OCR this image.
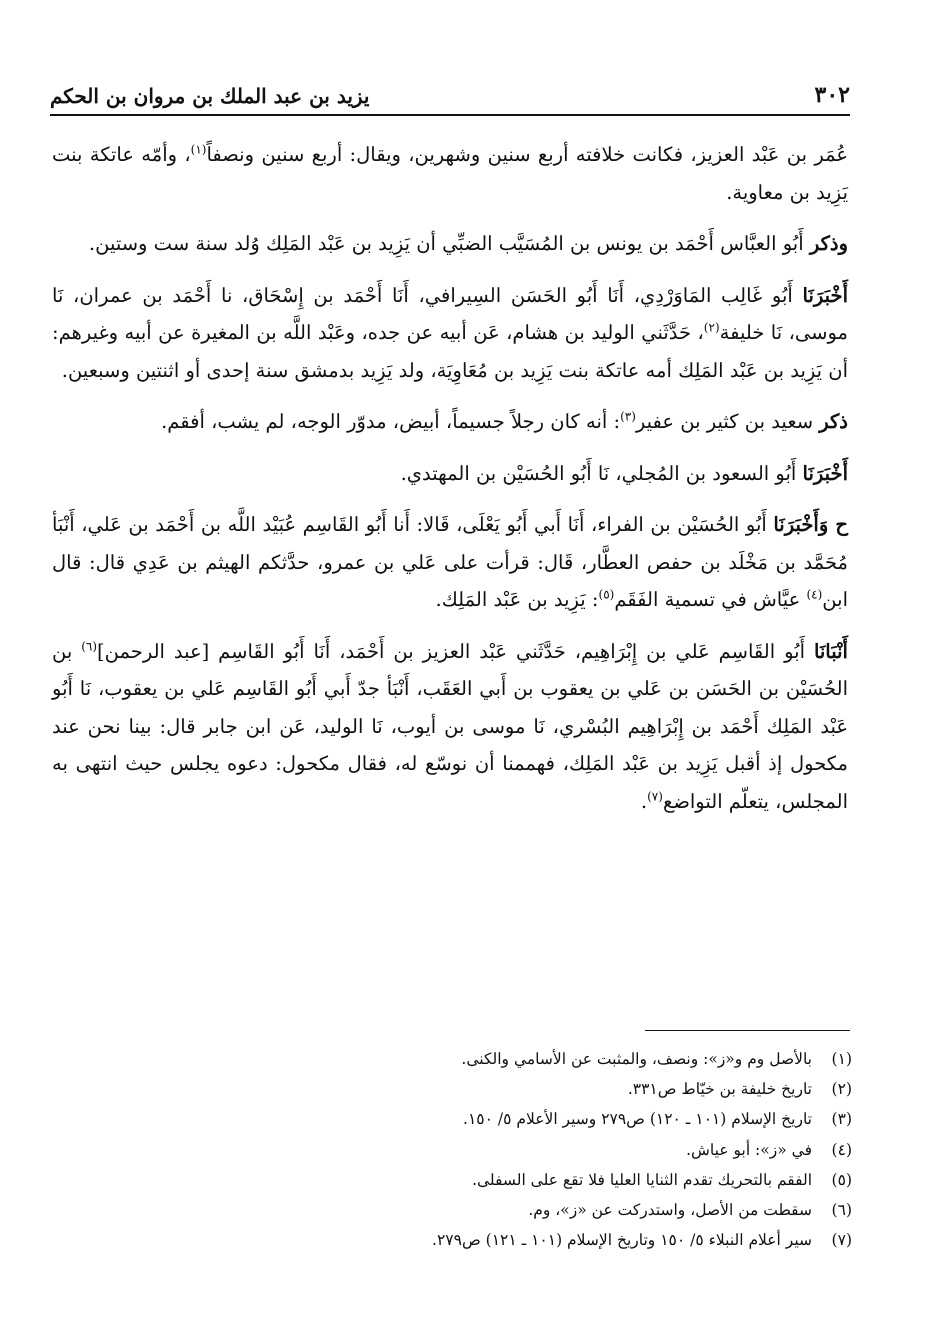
٣٠٢
يزيد بن عبد الملك بن مروان بن الحكم

عُمَر بن عَبْد العزيز، فكانت خلافته أربع سنين وشهرين، ويقال: أربع سنين ونصفاً$^{(١)}$، وأمّه عاتكة بنت يَزِيد بن معاوية.

وذكر أَبُو العبَّاس أَحْمَد بن يونس بن المُسَيَّب الضبِّي أن يَزِيد بن عَبْد المَلِك وُلد سنة ست وستين.

أَخْبَرَنَا أَبُو غَالِب المَاوَرْدِي، أَنَا أَبُو الحَسَن السِيرافي، أَنَا أَحْمَد بن إِسْحَاق، نا أَحْمَد بن عمران، نَا موسى، نَا خليفة$^{(٢)}$، حَدَّثَني الوليد بن هشام، عَن أبيه عن جده، وعَبْد اللَّه بن المغيرة عن أبيه وغيرهم: أن يَزِيد بن عَبْد المَلِك أمه عاتكة بنت يَزِيد بن مُعَاوِيَة، ولد يَزِيد بدمشق سنة إحدى أو اثنتين وسبعين.

ذكر سعيد بن كثير بن عفير$^{(٣)}$: أنه كان رجلاً جسيماً، أبيض، مدوّر الوجه، لم يشب، أفقم.

أَخْبَرَنَا أَبُو السعود بن المُجلي، نَا أَبُو الحُسَيْن بن المهتدي.

ح وَأَخْبَرَنَا أَبُو الحُسَيْن بن الفراء، أَنَا أَبي أَبُو يَعْلَى، قَالا: أَنا أَبُو القَاسِم عُبَيْد اللَّه بن أَحْمَد بن عَلي، أَنْبَأ مُحَمَّد بن مَخْلَد بن حفص العطَّار، قَال: قرأت على عَلي بن عمرو، حدَّثكم الهيثم بن عَدِي قال: قال ابن$^{(٤)}$ عيَّاش في تسمية الفَقَم$^{(٥)}$: يَزِيد بن عَبْد المَلِك.

أَنْبَانَا أَبُو القَاسِم عَلي بن إِبْرَاهِيم، حَدَّثَني عَبْد العزيز بن أَحْمَد، أَنَا أَبُو القَاسِم [عبد الرحمن]$^{(٦)}$ بن الحُسَيْن بن الحَسَن بن عَلي بن يعقوب بن أَبي العَقَب، أَنْبَأ جدّ أَبي أَبُو القَاسِم عَلي بن يعقوب، نَا أَبُو عَبْد المَلِك أَحْمَد بن إِبْرَاهِيم البُسْري، نَا موسى بن أيوب، نَا الوليد، عَن ابن جابر قال: بينا نحن عند مكحول إذ أقبل يَزِيد بن عَبْد المَلِك، فهممنا أن نوسّع له، فقال مكحول: دعوه يجلس حيث انتهى به المجلس، يتعلّم التواضع$^{(٧)}$.

(١)
بالأصل وم و«ز»: ونصف، والمثبت عن الأسامي والكنى.
(٢)
تاريخ خليفة بن خيّاط ص٣٣١.
(٣)
تاريخ الإسلام (١٠١ ـ ١٢٠) ص٢٧٩ وسير الأعلام ٥/ ١٥٠.
(٤)
في «ز»: أبو عياش.
(٥)
الفقم بالتحريك تقدم الثنايا العليا فلا تقع على السفلى.
(٦)
سقطت من الأصل، واستدركت عن «ز»، وم.
(٧)
سير أعلام النبلاء ٥/ ١٥٠ وتاريخ الإسلام (١٠١ ـ ١٢١) ص٢٧٩.
